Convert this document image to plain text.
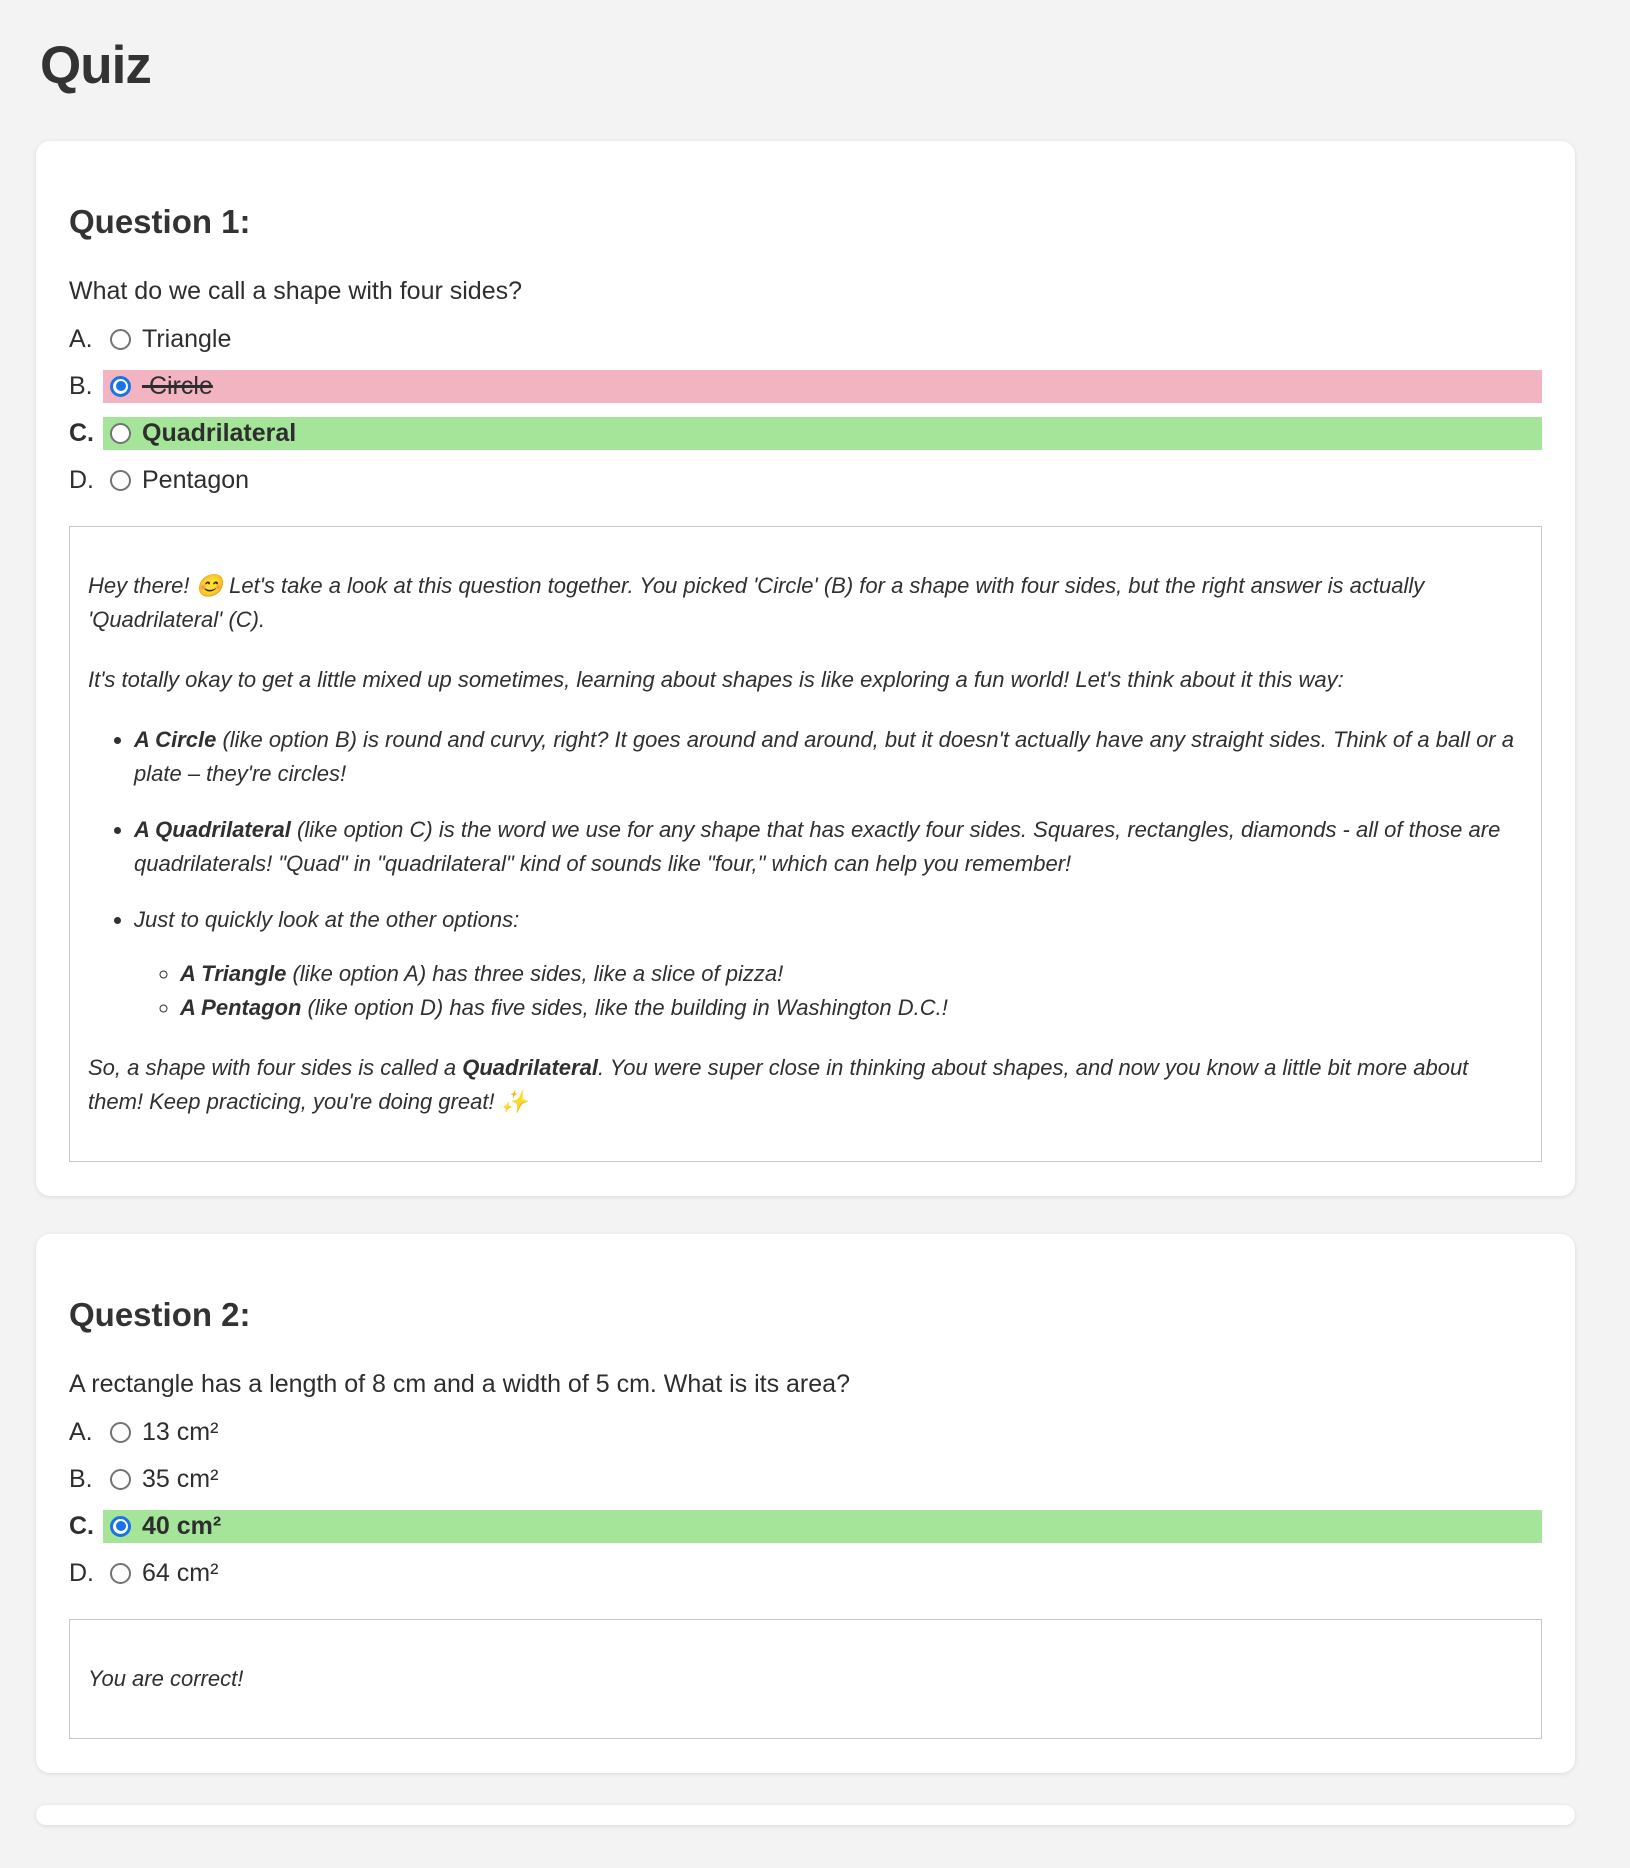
Quiz
Question 1:

What do we call a shape with four sides?

A.	Triangle
B.	Circle
C.	Quadrilateral
D.	Pentagon

Hey there! 😊 Let's take a look at this question together. You picked 'Circle' (B) for a shape with four sides, but the right answer is actually 'Quadrilateral' (C).

It's totally okay to get a little mixed up sometimes, learning about shapes is like exploring a fun world! Let's think about it this way:

• A Circle (like option B) is round and curvy, right? It goes around and around, but it doesn't actually have any straight sides. Think of a ball or a plate – they're circles!
• A Quadrilateral (like option C) is the word we use for any shape that has exactly four sides. Squares, rectangles, diamonds - all of those are quadrilaterals! "Quad" in "quadrilateral" kind of sounds like "four," which can help you remember!
• Just to quickly look at the other options:
◦ A Triangle (like option A) has three sides, like a slice of pizza!
◦ A Pentagon (like option D) has five sides, like the building in Washington D.C.!

So, a shape with four sides is called a Quadrilateral. You were super close in thinking about shapes, and now you know a little bit more about them! Keep practicing, you're doing great! ✨

Question 2:

A rectangle has a length of 8 cm and a width of 5 cm. What is its area?

A.	13 cm²
B.	35 cm²
C.	40 cm²
D.	64 cm²

You are correct!
